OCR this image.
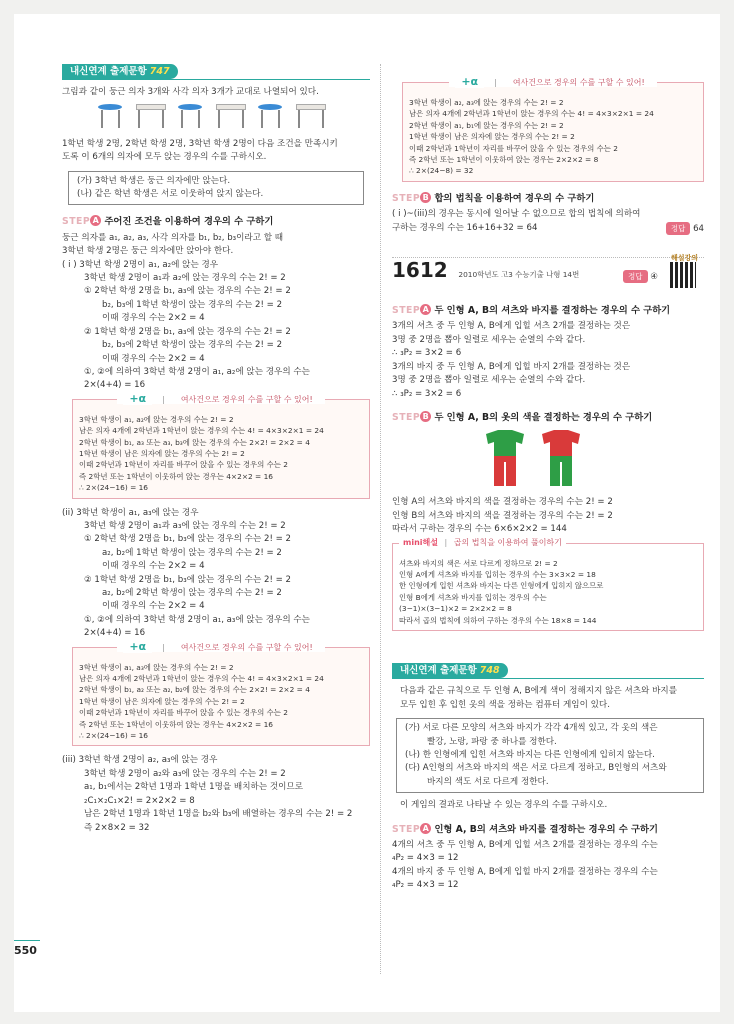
550
내신연계 출제문항 747

그림과 같이 둥근 의자 3개와 사각 의자 3개가 교대로 나열되어 있다.

1학년 학생 2명, 2학년 학생 2명, 3학년 학생 2명이 다음 조건을 만족시키

도록 이 6개의 의자에 모두 앉는 경우의 수를 구하시오.

(가) 3학년 학생은 둥근 의자에만 앉는다.

(나) 같은 학년 학생은 서로 이웃하여 앉지 않는다.

STEP A 주어진 조건을 이용하여 경우의 수 구하기

둥근 의자를 a₁, a₂, a₃, 사각 의자를 b₁, b₂, b₃이라고 할 때

3학년 학생 2명은 둥근 의자에만 앉아야 한다.

( i ) 3학년 학생 2명이 a₁, a₂에 앉는 경우

3학년 학생 2명이 a₁과 a₂에 앉는 경우의 수는 2! = 2

① 2학년 학생 2명을 b₁, a₃에 앉는 경우의 수는 2! = 2

b₂, b₃에 1학년 학생이 앉는 경우의 수는 2! = 2

이때 경우의 수는 2×2 = 4

② 1학년 학생 2명을 b₁, a₃에 앉는 경우의 수는 2! = 2

b₂, b₃에 2학년 학생이 앉는 경우의 수는 2! = 2

이때 경우의 수는 2×2 = 4

①, ②에 의하여 3학년 학생 2명이 a₁, a₂에 앉는 경우의 수는

2×(4+4) = 16

+α | 여사건으로 경우의 수를 구할 수 있어!

3학년 학생이 a₁, a₂에 앉는 경우의 수는 2! = 2

남은 의자 4개에 2학년과 1학년이 앉는 경우의 수는 4! = 4×3×2×1 = 24

2학년 학생이 b₁, a₃ 또는 a₃, b₃에 앉는 경우의 수는 2×2! = 2×2 = 4

1학년 학생이 남은 의자에 앉는 경우의 수는 2! = 2

이때 2학년과 1학년이 자리를 바꾸어 앉을 수 있는 경우의 수는 2

즉 2학년 또는 1학년이 이웃하여 앉는 경우는 4×2×2 = 16

∴ 2×(24−16) = 16

(ii) 3학년 학생이 a₁, a₃에 앉는 경우

3학년 학생 2명이 a₁과 a₃에 앉는 경우의 수는 2! = 2

① 2학년 학생 2명을 b₁, b₃에 앉는 경우의 수는 2! = 2

a₂, b₂에 1학년 학생이 앉는 경우의 수는 2! = 2

이때 경우의 수는 2×2 = 4

② 1학년 학생 2명을 b₁, b₃에 앉는 경우의 수는 2! = 2

a₂, b₂에 2학년 학생이 앉는 경우의 수는 2! = 2

이때 경우의 수는 2×2 = 4

①, ②에 의하여 3학년 학생 2명이 a₁, a₃에 앉는 경우의 수는

2×(4+4) = 16

+α | 여사건으로 경우의 수를 구할 수 있어!

3학년 학생이 a₁, a₃에 앉는 경우의 수는 2! = 2

남은 의자 4개에 2학년과 1학년이 앉는 경우의 수는 4! = 4×3×2×1 = 24

2학년 학생이 b₁, a₂ 또는 a₂, b₂에 앉는 경우의 수는 2×2! = 2×2 = 4

1학년 학생이 남은 의자에 앉는 경우의 수는 2! = 2

이때 2학년과 1학년이 자리를 바꾸어 앉을 수 있는 경우의 수는 2

즉 2학년 또는 1학년이 이웃하여 앉는 경우는 4×2×2 = 16

∴ 2×(24−16) = 16

(iii) 3학년 학생 2명이 a₂, a₃에 앉는 경우

3학년 학생 2명이 a₂와 a₃에 앉는 경우의 수는 2! = 2

a₁, b₁에서는 2학년 1명과 1학년 1명을 배치하는 것이므로

₂C₁×₂C₁×2! = 2×2×2 = 8

남은 2학년 1명과 1학년 1명을 b₂와 b₃에 배열하는 경우의 수는 2! = 2

즉 2×8×2 = 32

+α | 여사건으로 경우의 수를 구할 수 있어!

3학년 학생이 a₂, a₃에 앉는 경우의 수는 2! = 2

남은 의자 4개에 2학년과 1학년이 앉는 경우의 수는 4! = 4×3×2×1 = 24

2학년 학생이 a₁, b₁에 앉는 경우의 수는 2! = 2

1학년 학생이 남은 의자에 앉는 경우의 수는 2! = 2

이때 2학년과 1학년이 자리를 바꾸어 앉을 수 있는 경우의 수는 2

즉 2학년 또는 1학년이 이웃하여 앉는 경우는 2×2×2 = 8

∴ 2×(24−8) = 32

STEP B 합의 법칙을 이용하여 경우의 수 구하기

( i )~(iii)의 경우는 동시에 일어날 수 없으므로 합의 법칙에 의하여

구하는 경우의 수는 16+16+32 = 64	정답 64

1612 2010학년도 고3 수능기출 나형 14번	정답 ④
해설강의
STEP A 두 인형 A, B의 셔츠와 바지를 결정하는 경우의 수 구하기

3개의 셔츠 중 두 인형 A, B에게 입힐 셔츠 2개를 결정하는 것은

3명 중 2명을 뽑아 일렬로 세우는 순열의 수와 같다.

∴ ₃P₂ = 3×2 = 6

3개의 바지 중 두 인형 A, B에게 입힐 바지 2개를 결정하는 것은

3명 중 2명을 뽑아 일렬로 세우는 순열의 수와 같다.

∴ ₃P₂ = 3×2 = 6

STEP B 두 인형 A, B의 옷의 색을 결정하는 경우의 수 구하기

인형 A의 셔츠와 바지의 색을 결정하는 경우의 수는 2! = 2

인형 B의 셔츠와 바지의 색을 결정하는 경우의 수는 2! = 2

따라서 구하는 경우의 수는 6×6×2×2 = 144

mini해설 | 곱의 법칙을 이용하여 풀이하기

셔츠와 바지의 색은 서로 다르게 정하므로 2! = 2

인형 A에게 셔츠와 바지를 입히는 경우의 수는 3×3×2 = 18

한 인형에게 입힌 셔츠와 바지는 다른 인형에게 입히지 않으므로

인형 B에게 셔츠와 바지를 입히는 경우의 수는

(3−1)×(3−1)×2 = 2×2×2 = 8

따라서 곱의 법칙에 의하여 구하는 경우의 수는 18×8 = 144

내신연계 출제문항 748

다음과 같은 규칙으로 두 인형 A, B에게 색이 정해지지 않은 셔츠와 바지를

모두 입힌 후 입힌 옷의 색을 정하는 컴퓨터 게임이 있다.

(가) 서로 다른 모양의 셔츠와 바지가 각각 4개씩 있고, 각 옷의 색은

빨강, 노랑, 파랑 중 하나를 정한다.

(나) 한 인형에게 입힌 셔츠와 바지는 다른 인형에게 입히지 않는다.

(다) A인형의 셔츠와 바지의 색은 서로 다르게 정하고, B인형의 셔츠와

바지의 색도 서로 다르게 정한다.

이 게임의 결과로 나타날 수 있는 경우의 수를 구하시오.

STEP A 인형 A, B의 셔츠와 바지를 결정하는 경우의 수 구하기

4개의 셔츠 중 두 인형 A, B에게 입힐 셔츠 2개를 결정하는 경우의 수는

₄P₂ = 4×3 = 12

4개의 바지 중 두 인형 A, B에게 입힐 바지 2개를 결정하는 경우의 수는

₄P₂ = 4×3 = 12
